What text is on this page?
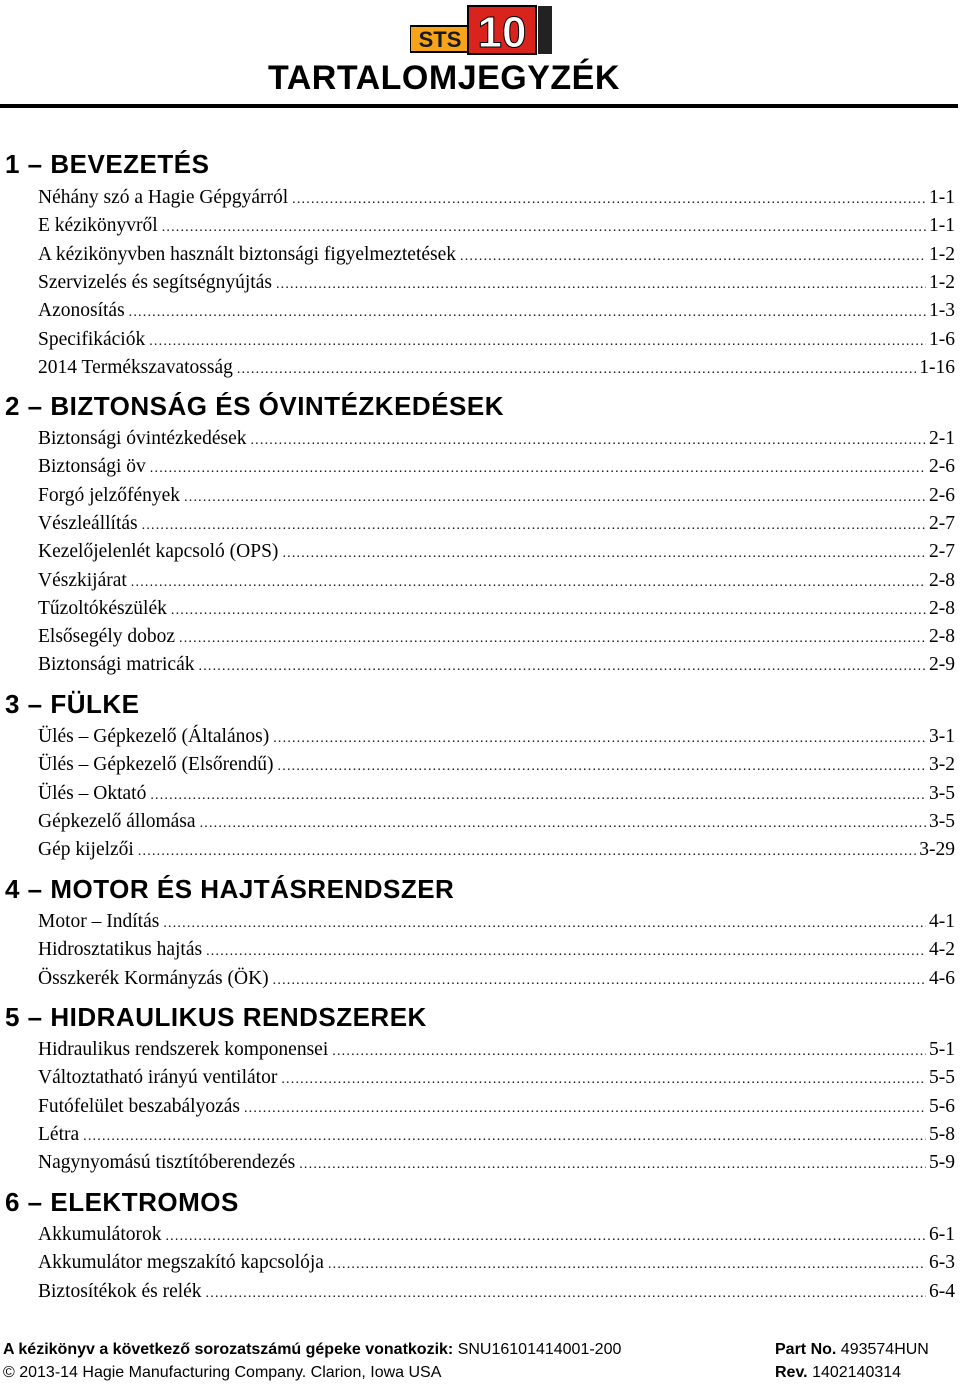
STS 10
TARTALOMJEGYZÉK
1 – BEVEZETÉS
Néhány szó a Hagie Gépgyárról .....	1-1
E kézikönyvről .....	1-1
A kézikönyvben használt biztonsági figyelmeztetések .....	1-2
Szervizelés és segítségnyújtás .....	1-2
Azonosítás .....	1-3
Specifikációk .....	1-6
2014 Termékszavatosság .....	1-16
2 – BIZTONSÁG ÉS ÓVINTÉZKEDÉSEK
Biztonsági óvintézkedések .....	2-1
Biztonsági öv .....	2-6
Forgó jelzőfények .....	2-6
Vészleállítás .....	2-7
Kezelőjelenlét kapcsoló (OPS) .....	2-7
Vészkijárat .....	2-8
Tűzoltókészülék .....	2-8
Elsősegély doboz .....	2-8
Biztonsági matricák .....	2-9
3 – FÜLKE
Ülés – Gépkezelő (Általános) .....	3-1
Ülés – Gépkezelő (Elsőrendű) .....	3-2
Ülés – Oktató .....	3-5
Gépkezelő állomása .....	3-5
Gép kijelzői .....	3-29
4 – MOTOR ÉS HAJTÁSRENDSZER
Motor – Indítás .....	4-1
Hidrosztatikus hajtás .....	4-2
Összkerék Kormányzás (ÖK) .....	4-6
5 – HIDRAULIKUS RENDSZEREK
Hidraulikus rendszerek komponensei .....	5-1
Változtatható irányú ventilátor .....	5-5
Futófelület beszabályozás .....	5-6
Létra .....	5-8
Nagynyomású tisztítóberendezés .....	5-9
6 – ELEKTROMOS
Akkumulátorok .....	6-1
Akkumulátor megszakító kapcsolója .....	6-3
Biztosítékok és relék .....	6-4
A kézikönyv a következő sorozatszámú gépeke vonatkozik: SNU16101414001-200	Part No. 493574HUN
© 2013-14 Hagie Manufacturing Company. Clarion, Iowa USA	Rev. 1402140314
